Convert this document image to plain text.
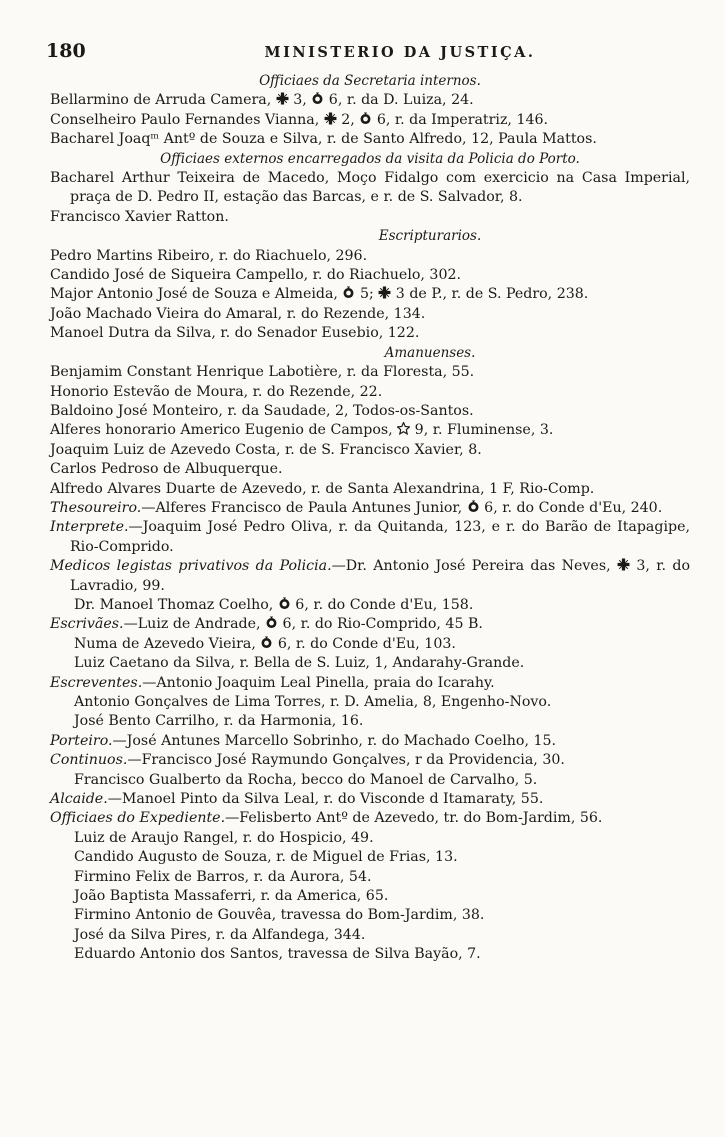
180	MINISTERIO DA JUSTIÇA.

Officiaes da Secretaria internos.

Bellarmino de Arruda Camera,  3,  6, r. da D. Luiza, 24.

Conselheiro Paulo Fernandes Vianna,  2,  6, r. da Imperatriz, 146.

Bacharel Joaqᵐ Antº de Souza e Silva, r. de Santo Alfredo, 12, Paula Mattos.

Officiaes externos encarregados da visita da Policia do Porto.

Bacharel Arthur Teixeira de Macedo, Moço Fidalgo com exercicio na Casa Imperial, praça de D. Pedro II, estação das Barcas, e r. de S. Salvador, 8.

Francisco Xavier Ratton.

Escripturarios.

Pedro Martins Ribeiro, r. do Riachuelo, 296.

Candido José de Siqueira Campello, r. do Riachuelo, 302.

Major Antonio José de Souza e Almeida,  5;  3 de P., r. de S. Pedro, 238.

João Machado Vieira do Amaral, r. do Rezende, 134.

Manoel Dutra da Silva, r. do Senador Eusebio, 122.

Amanuenses.

Benjamim Constant Henrique Labotière, r. da Floresta, 55.

Honorio Estevão de Moura, r. do Rezende, 22.

Baldoino José Monteiro, r. da Saudade, 2, Todos-os-Santos.

Alferes honorario Americo Eugenio de Campos,  9, r. Fluminense, 3.

Joaquim Luiz de Azevedo Costa, r. de S. Francisco Xavier, 8.

Carlos Pedroso de Albuquerque.

Alfredo Alvares Duarte de Azevedo, r. de Santa Alexandrina, 1 F, Rio-Comp.

Thesoureiro.—Alferes Francisco de Paula Antunes Junior,  6, r. do Conde d'Eu, 240.

Interprete.—Joaquim José Pedro Oliva, r. da Quitanda, 123, e r. do Barão de Itapagipe, Rio-Comprido.

Medicos legistas privativos da Policia.—Dr. Antonio José Pereira das Neves,  3, r. do Lavradio, 99.

Dr. Manoel Thomaz Coelho,  6, r. do Conde d'Eu, 158.

Escrivães.—Luiz de Andrade,  6, r. do Rio-Comprido, 45 B.

Numa de Azevedo Vieira,  6, r. do Conde d'Eu, 103.

Luiz Caetano da Silva, r. Bella de S. Luiz, 1, Andarahy-Grande.

Escreventes.—Antonio Joaquim Leal Pinella, praia do Icarahy.

Antonio Gonçalves de Lima Torres, r. D. Amelia, 8, Engenho-Novo.

José Bento Carrilho, r. da Harmonia, 16.

Porteiro.—José Antunes Marcello Sobrinho, r. do Machado Coelho, 15.

Continuos.—Francisco José Raymundo Gonçalves, r da Providencia, 30.

Francisco Gualberto da Rocha, becco do Manoel de Carvalho, 5.

Alcaide.—Manoel Pinto da Silva Leal, r. do Visconde d Itamaraty, 55.

Officiaes do Expediente.—Felisberto Antº de Azevedo, tr. do Bom-Jardim, 56.

Luiz de Araujo Rangel, r. do Hospicio, 49.

Candido Augusto de Souza, r. de Miguel de Frias, 13.

Firmino Felix de Barros, r. da Aurora, 54.

João Baptista Massaferri, r. da America, 65.

Firmino Antonio de Gouvêa, travessa do Bom-Jardim, 38.

José da Silva Pires, r. da Alfandega, 344.

Eduardo Antonio dos Santos, travessa de Silva Bayão, 7.
